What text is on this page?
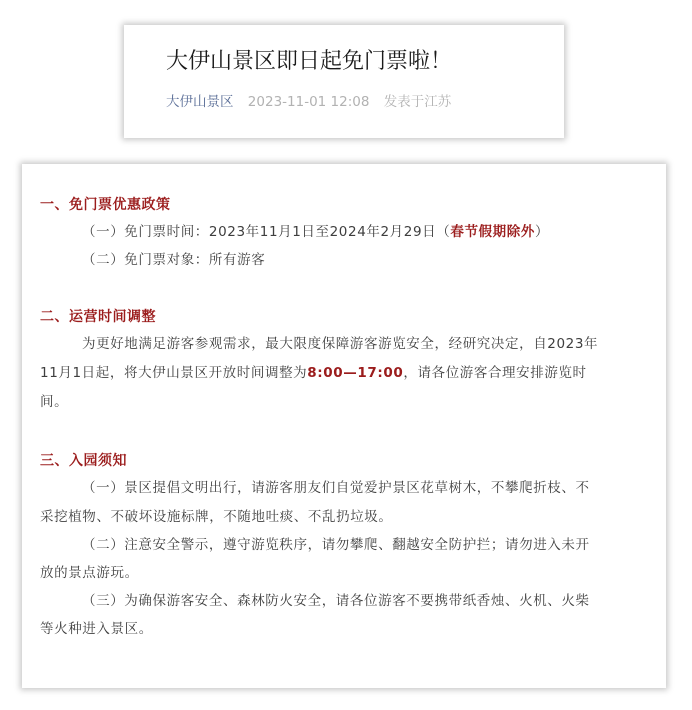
大伊山景区即日起免门票啦！
大伊山景区 2023-11-01 12:08 发表于江苏
一、免门票优惠政策
（一）免门票时间：2023年11月1日至2024年2月29日（春节假期除外）
（二）免门票对象：所有游客
二、运营时间调整
为更好地满足游客参观需求，最大限度保障游客游览安全，经研究决定，自2023年
11月1日起，将大伊山景区开放时间调整为8:00—17:00，请各位游客合理安排游览时
间。
三、入园须知
（一）景区提倡文明出行，请游客朋友们自觉爱护景区花草树木，不攀爬折枝、不
采挖植物、不破坏设施标牌，不随地吐痰、不乱扔垃圾。
（二）注意安全警示，遵守游览秩序，请勿攀爬、翻越安全防护拦；请勿进入未开
放的景点游玩。
（三）为确保游客安全、森林防火安全，请各位游客不要携带纸香烛、火机、火柴
等火种进入景区。
